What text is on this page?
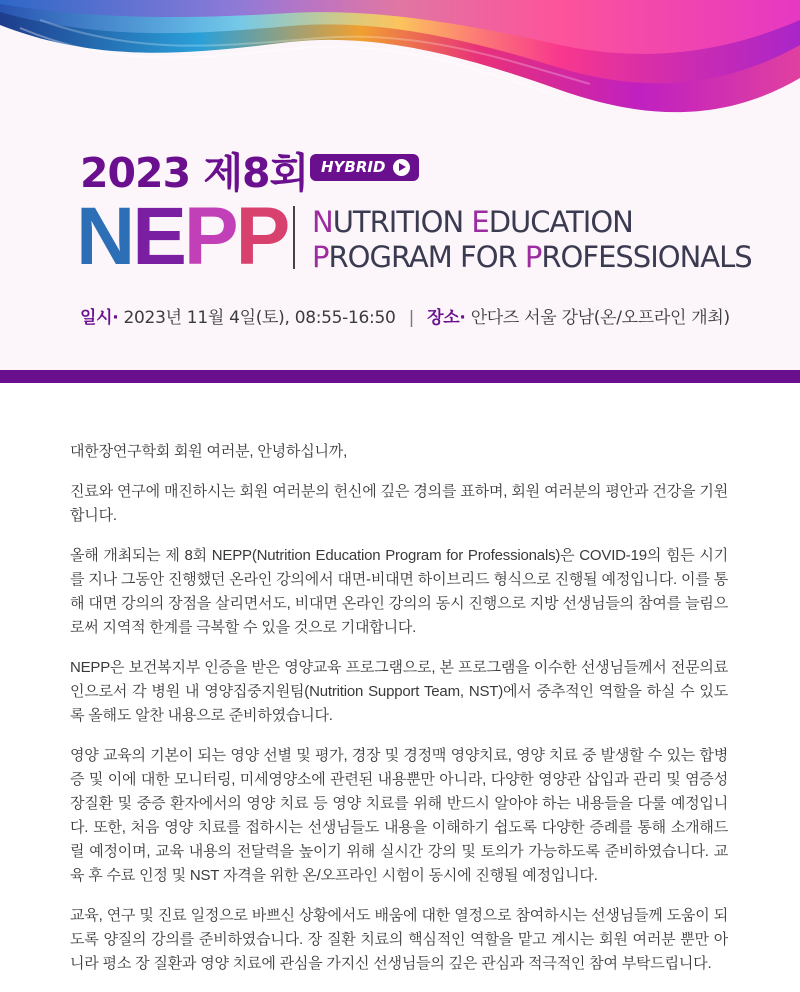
2023 제8회 HYBRID
NEPP NUTRITION EDUCATION
PROGRAM FOR PROFESSIONALS
일시· 2023년 11월 4일(토), 08:55-16:50 | 장소· 안다즈 서울 강남(온/오프라인 개최)

대한장연구학회 회원 여러분, 안녕하십니까,

진료와 연구에 매진하시는 회원 여러분의 헌신에 깊은 경의를 표하며, 회원 여러분의 평안과 건강을 기원합니다.

올해 개최되는 제 8회 NEPP(Nutrition Education Program for Professionals)은 COVID-19의 힘든 시기를 지나 그동안 진행했던 온라인 강의에서 대면-비대면 하이브리드 형식으로 진행될 예정입니다. 이를 통해 대면 강의의 장점을 살리면서도, 비대면 온라인 강의의 동시 진행으로 지방 선생님들의 참여를 늘림으로써 지역적 한계를 극복할 수 있을 것으로 기대합니다.

NEPP은 보건복지부 인증을 받은 영양교육 프로그램으로, 본 프로그램을 이수한 선생님들께서 전문의료인으로서 각 병원 내 영양집중지원팀(Nutrition Support Team, NST)에서 중추적인 역할을 하실 수 있도록 올해도 알찬 내용으로 준비하였습니다.

영양 교육의 기본이 되는 영양 선별 및 평가, 경장 및 경정맥 영양치료, 영양 치료 중 발생할 수 있는 합병증 및 이에 대한 모니터링, 미세영양소에 관련된 내용뿐만 아니라, 다양한 영양관 삽입과 관리 및 염증성장질환 및 중증 환자에서의 영양 치료 등 영양 치료를 위해 반드시 알아야 하는 내용들을 다룰 예정입니다. 또한, 처음 영양 치료를 접하시는 선생님들도 내용을 이해하기 쉽도록 다양한 증례를 통해 소개해드릴 예정이며, 교육 내용의 전달력을 높이기 위해 실시간 강의 및 토의가 가능하도록 준비하였습니다. 교육 후 수료 인정 및 NST 자격을 위한 온/오프라인 시험이 동시에 진행될 예정입니다.

교육, 연구 및 진료 일정으로 바쁘신 상황에서도 배움에 대한 열정으로 참여하시는 선생님들께 도움이 되도록 양질의 강의를 준비하였습니다. 장 질환 치료의 핵심적인 역할을 맡고 계시는 회원 여러분 뿐만 아니라 평소 장 질환과 영양 치료에 관심을 가지신 선생님들의 깊은 관심과 적극적인 참여 부탁드립니다.
